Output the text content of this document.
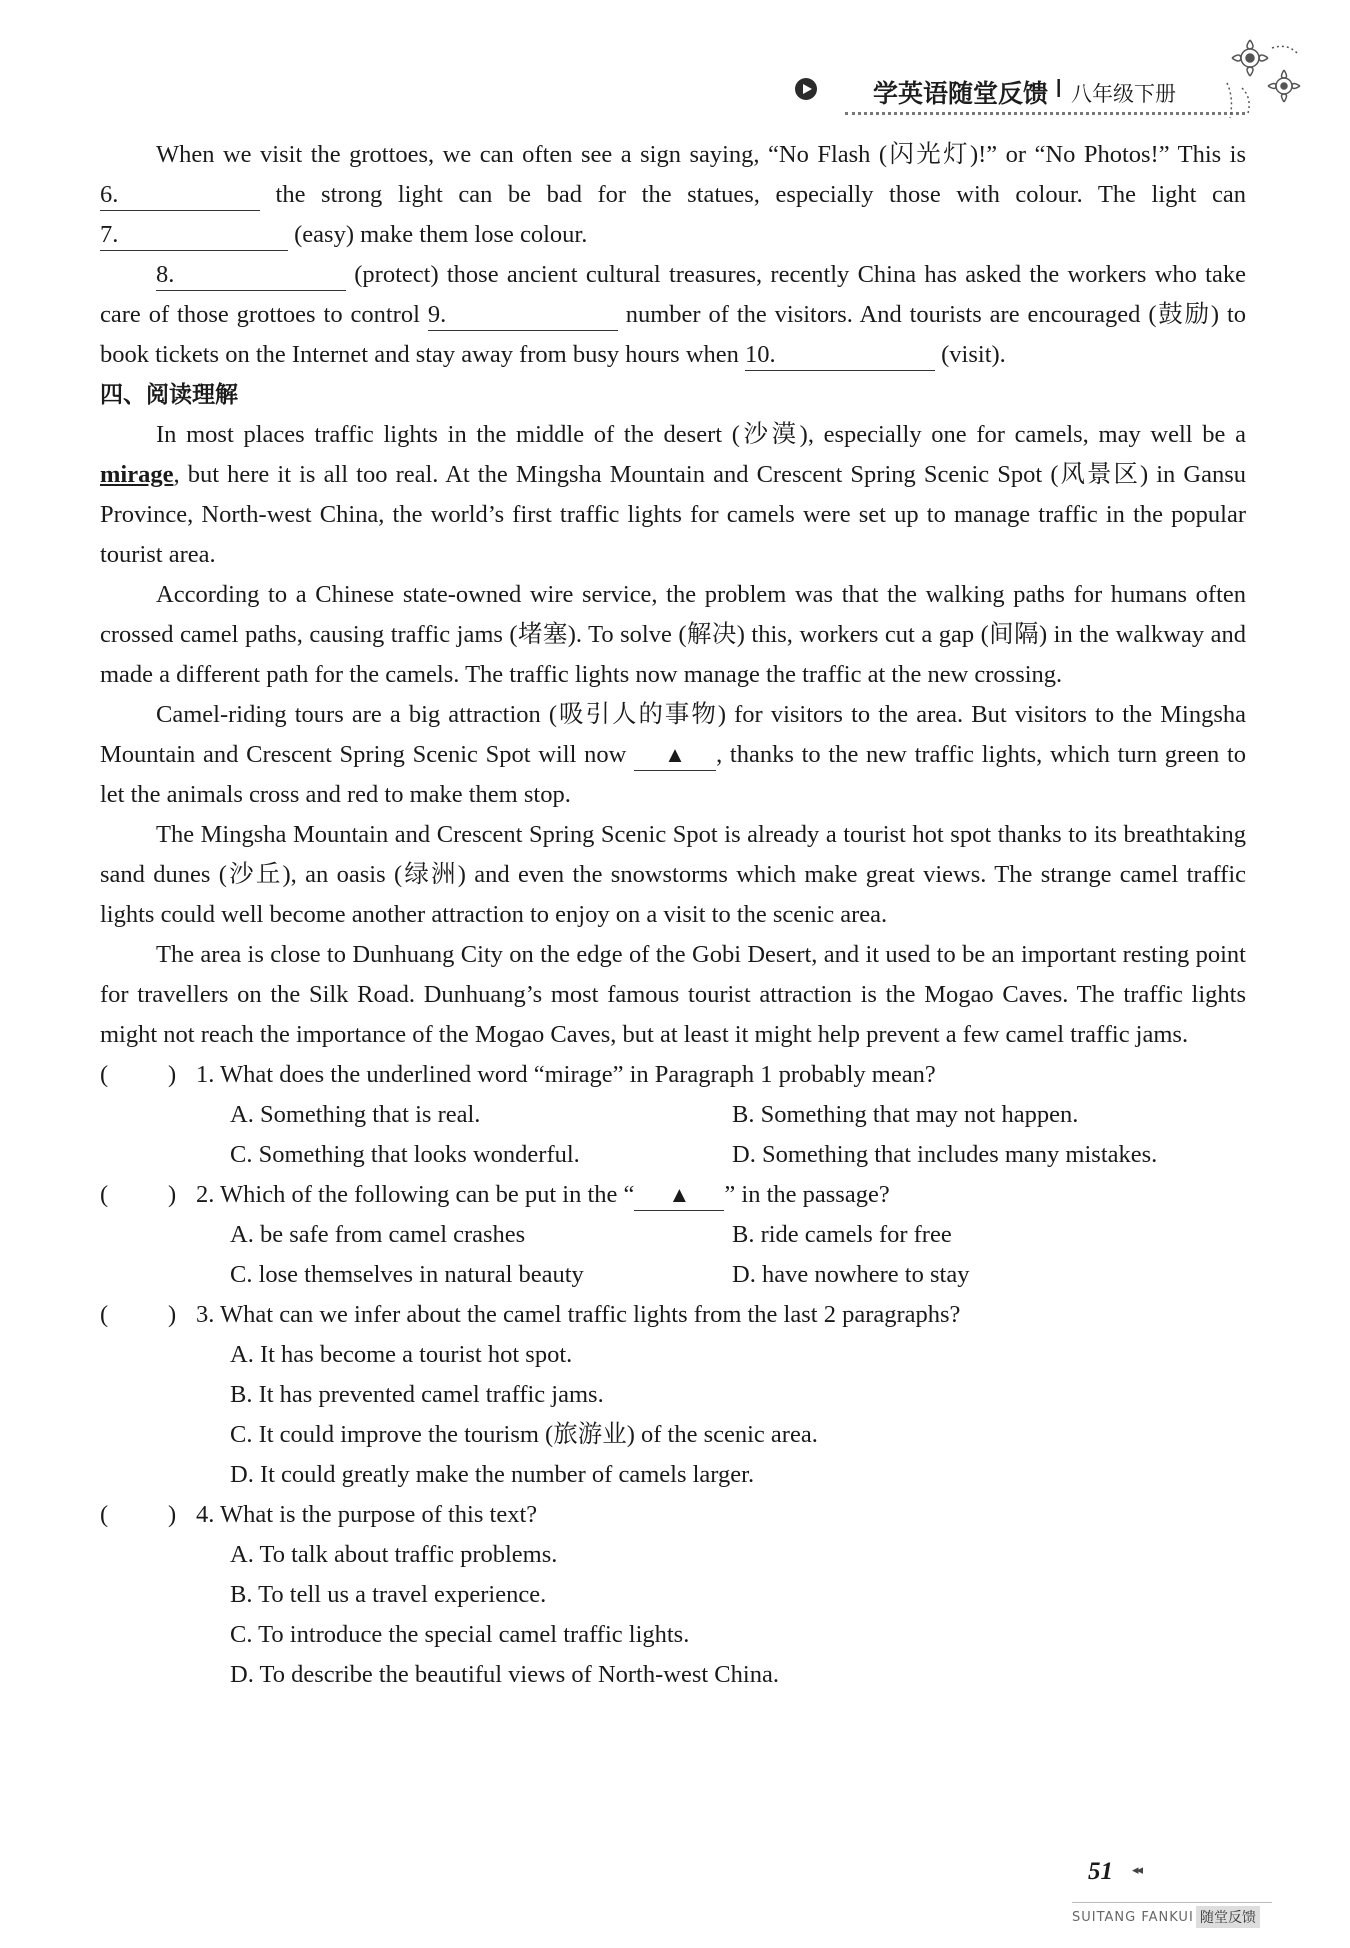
学英语随堂反馈 I 八年级下册

When we visit the grottoes, we can often see a sign saying, “No Flash (闪光灯)!” or “No Photos!” This is 6.	the strong light can be bad for the statues, especially those with colour. The light can 7.	(easy) make them lose colour.

8.	(protect) those ancient cultural treasures, recently China has asked the workers who take care of those grottoes to control 9.	number of the visitors. And tourists are encouraged (鼓励) to book tickets on the Internet and stay away from busy hours when 10.	(visit).

四、阅读理解

In most places traffic lights in the middle of the desert (沙漠), especially one for camels, may well be a mirage, but here it is all too real. At the Mingsha Mountain and Crescent Spring Scenic Spot (风景区) in Gansu Province, North-west China, the world’s first traffic lights for camels were set up to manage traffic in the popular tourist area.

According to a Chinese state-owned wire service, the problem was that the walking paths for humans often crossed camel paths, causing traffic jams (堵塞). To solve (解决) this, workers cut a gap (间隔) in the walkway and made a different path for the camels. The traffic lights now manage the traffic at the new crossing.

Camel-riding tours are a big attraction (吸引人的事物) for visitors to the area. But visitors to the Mingsha Mountain and Crescent Spring Scenic Spot will now ▲ , thanks to the new traffic lights, which turn green to let the animals cross and red to make them stop.

The Mingsha Mountain and Crescent Spring Scenic Spot is already a tourist hot spot thanks to its breathtaking sand dunes (沙丘), an oasis (绿洲) and even the snowstorms which make great views. The strange camel traffic lights could well become another attraction to enjoy on a visit to the scenic area.

The area is close to Dunhuang City on the edge of the Gobi Desert, and it used to be an important resting point for travellers on the Silk Road. Dunhuang’s most famous tourist attraction is the Mogao Caves. The traffic lights might not reach the importance of the Mogao Caves, but at least it might help prevent a few camel traffic jams.

( ) 1. What does the underlined word “mirage” in Paragraph 1 probably mean?
A. Something that is real.	B. Something that may not happen.
C. Something that looks wonderful.	D. Something that includes many mistakes.
( ) 2. Which of the following can be put in the “ ▲ ” in the passage?
A. be safe from camel crashes	B. ride camels for free
C. lose themselves in natural beauty	D. have nowhere to stay
( ) 3. What can we infer about the camel traffic lights from the last 2 paragraphs?
A. It has become a tourist hot spot.
B. It has prevented camel traffic jams.
C. It could improve the tourism (旅游业) of the scenic area.
D. It could greatly make the number of camels larger.
( ) 4. What is the purpose of this text?
A. To talk about traffic problems.
B. To tell us a travel experience.
C. To introduce the special camel traffic lights.
D. To describe the beautiful views of North-west China.
51 ◂◂
SUITANG FANKUI 随堂反馈
